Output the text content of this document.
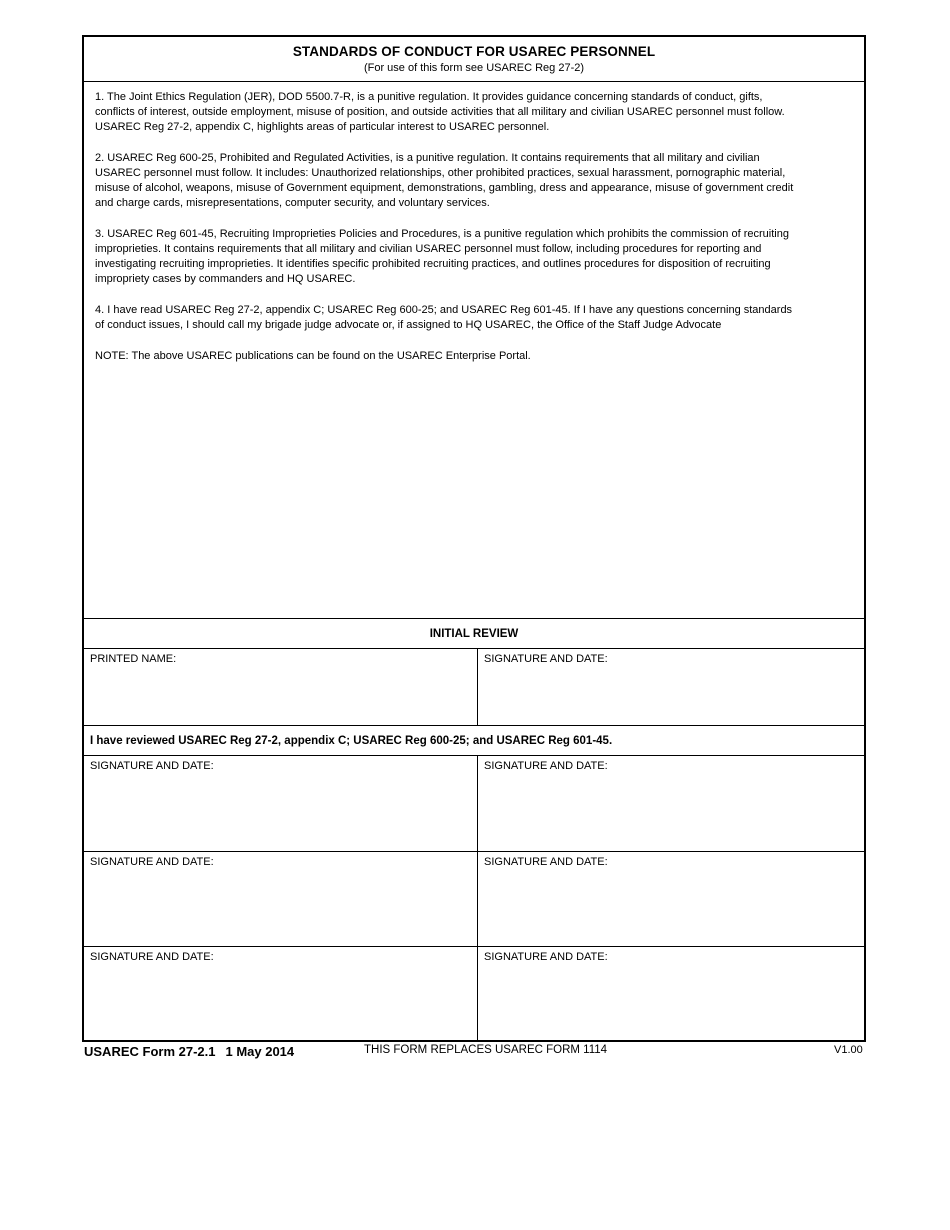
STANDARDS OF CONDUCT FOR USAREC PERSONNEL
(For use of this form see USAREC Reg 27-2)

1. The Joint Ethics Regulation (JER), DOD 5500.7-R, is a punitive regulation. It provides guidance concerning standards of conduct, gifts, conflicts of interest, outside employment, misuse of position, and outside activities that all military and civilian USAREC personnel must follow. USAREC Reg 27-2, appendix C, highlights areas of particular interest to USAREC personnel.

2. USAREC Reg 600-25, Prohibited and Regulated Activities, is a punitive regulation. It contains requirements that all military and civilian USAREC personnel must follow. It includes: Unauthorized relationships, other prohibited practices, sexual harassment, pornographic material, misuse of alcohol, weapons, misuse of Government equipment, demonstrations, gambling, dress and appearance, misuse of government credit and charge cards, misrepresentations, computer security, and voluntary services.

3. USAREC Reg 601-45, Recruiting Improprieties Policies and Procedures, is a punitive regulation which prohibits the commission of recruiting improprieties. It contains requirements that all military and civilian USAREC personnel must follow, including procedures for reporting and investigating recruiting improprieties. It identifies specific prohibited recruiting practices, and outlines procedures for disposition of recruiting impropriety cases by commanders and HQ USAREC.

4. I have read USAREC Reg 27-2, appendix C; USAREC Reg 600-25; and USAREC Reg 601-45. If I have any questions concerning standards of conduct issues, I should call my brigade judge advocate or, if assigned to HQ USAREC, the Office of the Staff Judge Advocate

NOTE: The above USAREC publications can be found on the USAREC Enterprise Portal.

INITIAL REVIEW
PRINTED NAME:	SIGNATURE AND DATE:
I have reviewed USAREC Reg 27-2, appendix C; USAREC Reg 600-25; and USAREC Reg 601-45.
SIGNATURE AND DATE:	SIGNATURE AND DATE:
SIGNATURE AND DATE:	SIGNATURE AND DATE:
SIGNATURE AND DATE:	SIGNATURE AND DATE:
USAREC Form 27-2.1 1 May 2014	THIS FORM REPLACES USAREC FORM 1114	V1.00
